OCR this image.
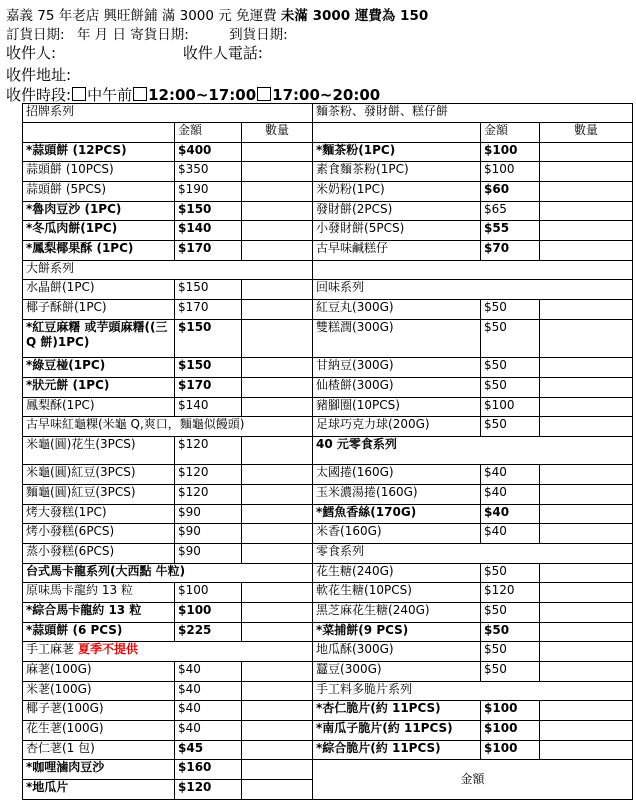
嘉義 75 年老店 興旺餅鋪 滿 3000 元 免運費 未滿 3000 運費為 150
訂貨日期: 年 月 日 寄貨日期:	到貨日期:
收件人:	收件人電話:
收件地址:
收件時段: 中午前 12:00~17:00 17:00~20:00
招牌系列			麵茶粉、發財餅、糕仔餅		
	金額	數量		金額	數量
*蒜頭餅 (12PCS)	$400		*麵茶粉(1PC)	$100	
蒜頭餅 (10PCS)	$350		素食麵茶粉(1PC)	$100	
蒜頭餅 (5PCS)	$190		米奶粉(1PC)	$60	
*魯肉豆沙 (1PC)	$150		發財餅(2PCS)	$65	
*冬瓜肉餅(1PC)	$140		小發財餅(5PCS)	$55	
*鳳梨椰果酥 (1PC)	$170		古早味鹹糕仔	$70	
大餅系列					
水晶餅(1PC)	$150		回味系列		
椰子酥餅(1PC)	$170		紅豆丸(300G)	$50	
*紅豆麻糬 或芋頭麻糬((三 Q 餅)1PC)	$150		雙糕潤(300G)	$50	
*綠豆椪(1PC)	$150		甘納豆(300G)	$50	
*狀元餅 (1PC)	$170		仙楂餅(300G)	$50	
鳳梨酥(1PC)	$140		豬腳圈(10PCS)	$100	
古早味紅龜粿(米龜 Q,爽口，麵龜似饅頭)			足球巧克力球(200G)	$50	
米龜(圓)花生(3PCS)	$120		40 元零食系列		
米龜(圓)紅豆(3PCS)	$120		太國捲(160G)	$40	
麵龜(圓)紅豆(3PCS)	$120		玉米濃湯捲(160G)	$40	
烤大發糕(1PC)	$90		*鱈魚香絲(170G)	$40	
烤小發糕(6PCS)	$90		米香(160G)	$40	
蒸小發糕(6PCS)	$90		零食系列		
台式馬卡龍系列(大西點 牛粒)			花生糖(240G)	$50	
原味馬卡龍約 13 粒	$100		軟花生糖(10PCS)	$120	
*綜合馬卡龍約 13 粒	$100		黑芝麻花生糖(240G)	$50	
*蒜頭餅 (6 PCS)	$225		*菜捕餅(9 PCS)	$50	
手工麻荖 夏季不提供			地瓜酥(300G)	$50	
麻荖(100G)	$40		蠶豆(300G)	$50	
米荖(100G)	$40		手工料多脆片系列		
椰子荖(100G)	$40		*杏仁脆片(約 11PCS)	$100	
花生荖(100G)	$40		*南瓜子脆片(約 11PCS)	$100	
杏仁荖(1 包)	$45		*綜合脆片(約 11PCS)	$100	
*咖哩滷肉豆沙	$160		金額		
*地瓜片	$120				
